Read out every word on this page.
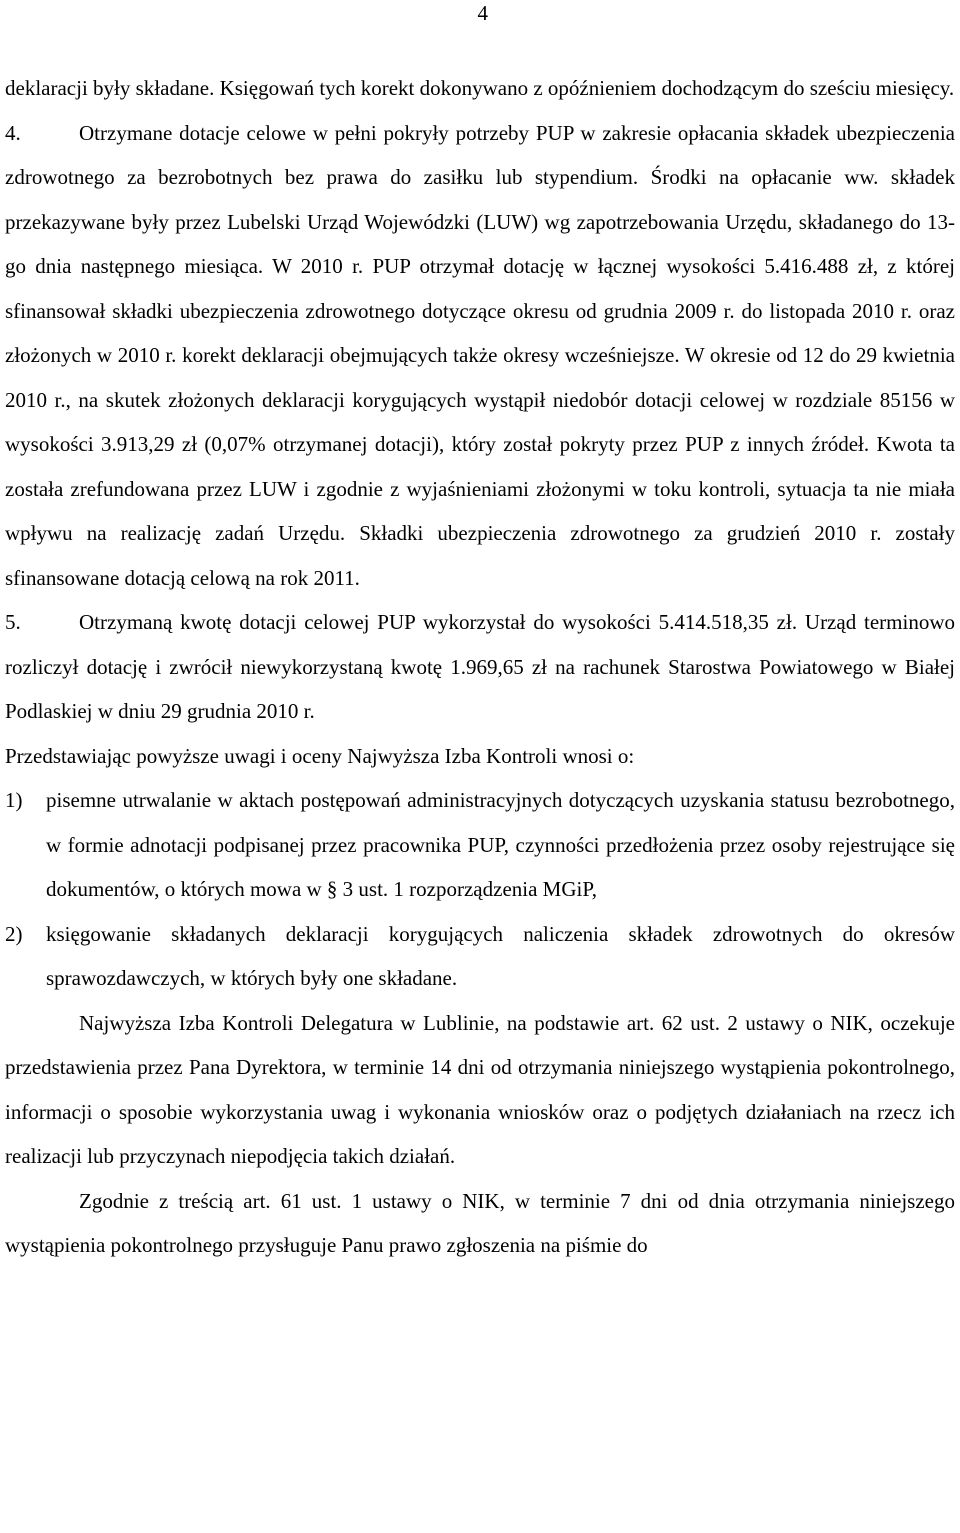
4

deklaracji były składane. Księgowań tych korekt dokonywano z opóźnieniem dochodzącym do sześciu miesięcy.

4.	Otrzymane dotacje celowe w pełni pokryły potrzeby PUP w zakresie opłacania składek ubezpieczenia zdrowotnego za bezrobotnych bez prawa do zasiłku lub stypendium. Środki na opłacanie ww. składek przekazywane były przez Lubelski Urząd Wojewódzki (LUW) wg zapotrzebowania Urzędu, składanego do 13-go dnia następnego miesiąca. W 2010 r. PUP otrzymał dotację w łącznej wysokości 5.416.488 zł, z której sfinansował składki ubezpieczenia zdrowotnego dotyczące okresu od grudnia 2009 r. do listopada 2010 r. oraz złożonych w 2010 r. korekt deklaracji obejmujących także okresy wcześniejsze. W okresie od 12 do 29 kwietnia 2010 r., na skutek złożonych deklaracji korygujących wystąpił niedobór dotacji celowej w rozdziale 85156 w wysokości 3.913,29 zł (0,07% otrzymanej dotacji), który został pokryty przez PUP z innych źródeł. Kwota ta została zrefundowana przez LUW i zgodnie z wyjaśnieniami złożonymi w toku kontroli, sytuacja ta nie miała wpływu na realizację zadań Urzędu. Składki ubezpieczenia zdrowotnego za grudzień 2010 r. zostały sfinansowane dotacją celową na rok 2011.

5.	Otrzymaną kwotę dotacji celowej PUP wykorzystał do wysokości 5.414.518,35 zł. Urząd terminowo rozliczył dotację i zwrócił niewykorzystaną kwotę 1.969,65 zł na rachunek Starostwa Powiatowego w Białej Podlaskiej w dniu 29 grudnia 2010 r.

Przedstawiając powyższe uwagi i oceny Najwyższa Izba Kontroli wnosi o:

1)	pisemne utrwalanie w aktach postępowań administracyjnych dotyczących uzyskania statusu bezrobotnego, w formie adnotacji podpisanej przez pracownika PUP, czynności przedłożenia przez osoby rejestrujące się dokumentów, o których mowa w § 3 ust. 1 rozporządzenia MGiP,

2)	księgowanie składanych deklaracji korygujących naliczenia składek zdrowotnych do okresów sprawozdawczych, w których były one składane.

Najwyższa Izba Kontroli Delegatura w Lublinie, na podstawie art. 62 ust. 2 ustawy o NIK, oczekuje przedstawienia przez Pana Dyrektora, w terminie 14 dni od otrzymania niniejszego wystąpienia pokontrolnego, informacji o sposobie wykorzystania uwag i wykonania wniosków oraz o podjętych działaniach na rzecz ich realizacji lub przyczynach niepodjęcia takich działań.

Zgodnie z treścią art. 61 ust. 1 ustawy o NIK, w terminie 7 dni od dnia otrzymania niniejszego wystąpienia pokontrolnego przysługuje Panu prawo zgłoszenia na piśmie do
